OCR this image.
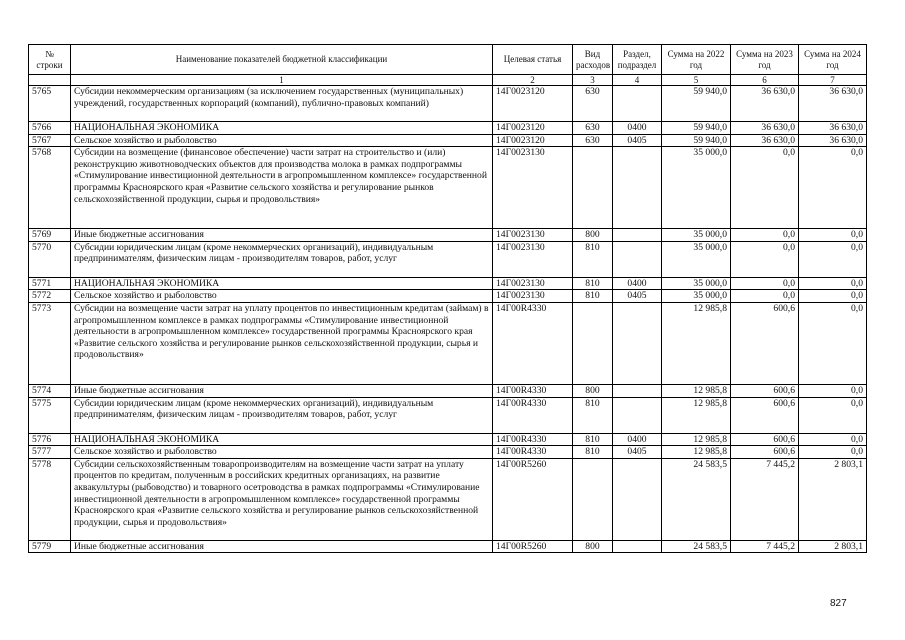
№ строки	Наименование показателей бюджетной классификации	Целевая статья	Вид расходов	Раздел, подраздел	Сумма на 2022 год	Сумма на 2023 год	Сумма на 2024 год
	1	2	3	4	5	6	7
5765	Субсидии некоммерческим организациям (за исключением государственных (муниципальных) учреждений, государственных корпораций (компаний), публично-правовых компаний)	14Г0023120	630		59 940,0	36 630,0	36 630,0
5766	НАЦИОНАЛЬНАЯ ЭКОНОМИКА	14Г0023120	630	0400	59 940,0	36 630,0	36 630,0
5767	Сельское хозяйство и рыболовство	14Г0023120	630	0405	59 940,0	36 630,0	36 630,0
5768	Субсидии на возмещение (финансовое обеспечение) части затрат на строительство и (или) реконструкцию животноводческих объектов для производства молока в рамках подпрограммы «Стимулирование инвестиционной деятельности в агропромышленном комплексе» государственной программы Красноярского края «Развитие сельского хозяйства и регулирование рынков сельскохозяйственной продукции, сырья и продовольствия»	14Г0023130			35 000,0	0,0	0,0
5769	Иные бюджетные ассигнования	14Г0023130	800		35 000,0	0,0	0,0
5770	Субсидии юридическим лицам (кроме некоммерческих организаций), индивидуальным предпринимателям, физическим лицам - производителям товаров, работ, услуг	14Г0023130	810		35 000,0	0,0	0,0
5771	НАЦИОНАЛЬНАЯ ЭКОНОМИКА	14Г0023130	810	0400	35 000,0	0,0	0,0
5772	Сельское хозяйство и рыболовство	14Г0023130	810	0405	35 000,0	0,0	0,0
5773	Субсидии на возмещение части затрат на уплату процентов по инвестиционным кредитам (займам) в агропромышленном комплексе в рамках подпрограммы «Стимулирование инвестиционной деятельности в агропромышленном комплексе» государственной программы Красноярского края «Развитие сельского хозяйства и регулирование рынков сельскохозяйственной продукции, сырья и продовольствия»	14Г00R4330			12 985,8	600,6	0,0
5774	Иные бюджетные ассигнования	14Г00R4330	800		12 985,8	600,6	0,0
5775	Субсидии юридическим лицам (кроме некоммерческих организаций), индивидуальным предпринимателям, физическим лицам - производителям товаров, работ, услуг	14Г00R4330	810		12 985,8	600,6	0,0
5776	НАЦИОНАЛЬНАЯ ЭКОНОМИКА	14Г00R4330	810	0400	12 985,8	600,6	0,0
5777	Сельское хозяйство и рыболовство	14Г00R4330	810	0405	12 985,8	600,6	0,0
5778	Субсидии сельскохозяйственным товаропроизводителям на возмещение части затрат на уплату процентов по кредитам, полученным в российских кредитных организациях, на развитие аквакультуры (рыбоводство) и товарного осетроводства в рамках подпрограммы «Стимулирование инвестиционной деятельности в агропромышленном комплексе» государственной программы Красноярского края «Развитие сельского хозяйства и регулирование рынков сельскохозяйственной продукции, сырья и продовольствия»	14Г00R5260			24 583,5	7 445,2	2 803,1
5779	Иные бюджетные ассигнования	14Г00R5260	800		24 583,5	7 445,2	2 803,1
827
